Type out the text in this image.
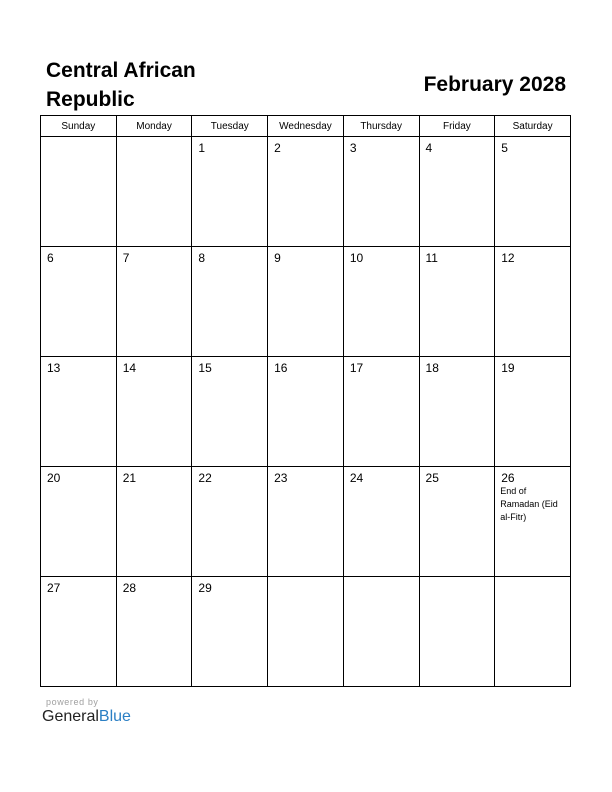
Central African Republic
February 2028
Sunday	Monday	Tuesday	Wednesday	Thursday	Friday	Saturday

		1	2	3	4	5

6	7	8	9	10	11	12

13	14	15	16	17	18	19

20	21	22	23	24	25	26
End of Ramadan (Eid al-Fitr)

27	28	29				

powered by
GeneralBlue
